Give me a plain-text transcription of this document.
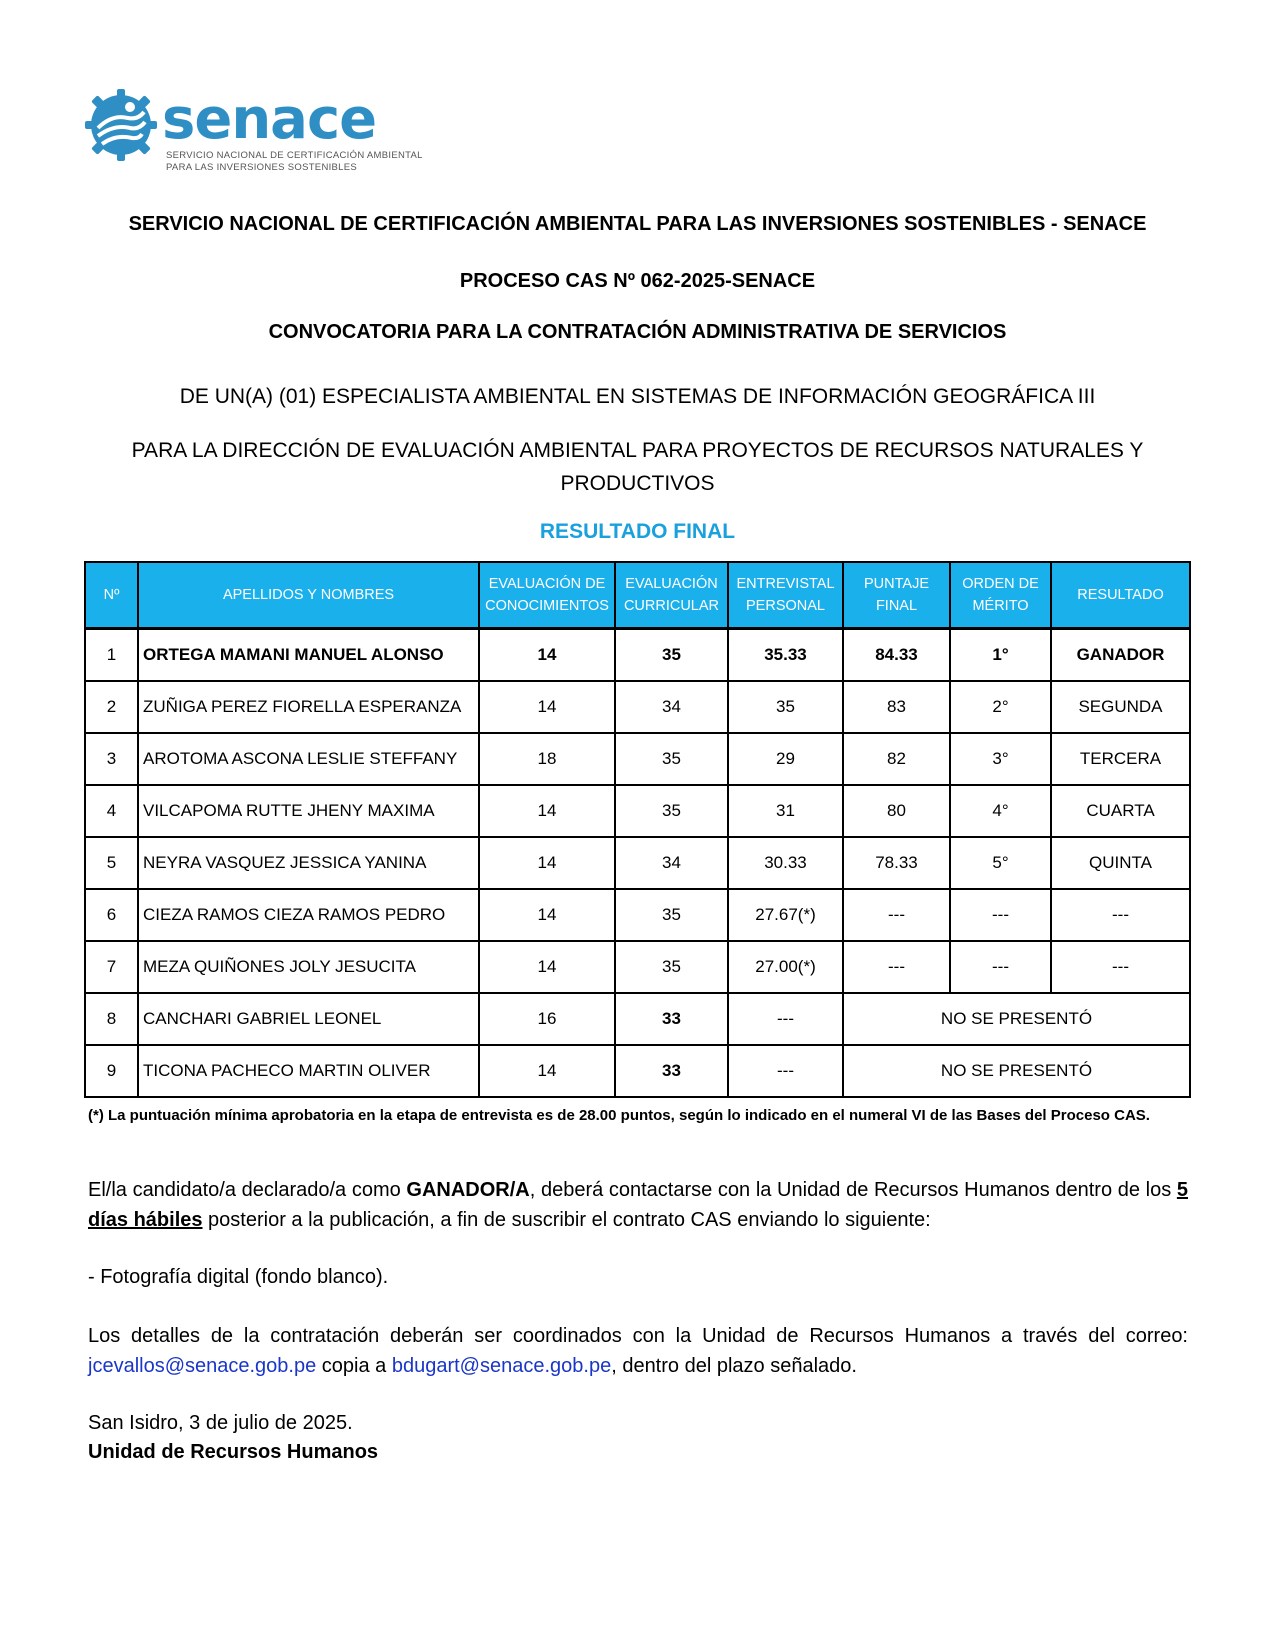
senace
SERVICIO NACIONAL DE CERTIFICACIÓN AMBIENTAL
PARA LAS INVERSIONES SOSTENIBLES
SERVICIO NACIONAL DE CERTIFICACIÓN AMBIENTAL PARA LAS INVERSIONES SOSTENIBLES - SENACE
PROCESO CAS Nº 062-2025-SENACE
CONVOCATORIA PARA LA CONTRATACIÓN ADMINISTRATIVA DE SERVICIOS
DE UN(A) (01) ESPECIALISTA AMBIENTAL EN SISTEMAS DE INFORMACIÓN GEOGRÁFICA III
PARA LA DIRECCIÓN DE EVALUACIÓN AMBIENTAL PARA PROYECTOS DE RECURSOS NATURALES Y PRODUCTIVOS
RESULTADO FINAL
Nº	APELLIDOS Y NOMBRES	EVALUACIÓN DE CONOCIMIENTOS	EVALUACIÓN CURRICULAR	ENTREVISTAL PERSONAL	PUNTAJE FINAL	ORDEN DE MÉRITO	RESULTADO
1	ORTEGA MAMANI MANUEL ALONSO	14	35	35.33	84.33	1°	GANADOR
2	ZUÑIGA PEREZ FIORELLA ESPERANZA	14	34	35	83	2°	SEGUNDA
3	AROTOMA ASCONA LESLIE STEFFANY	18	35	29	82	3°	TERCERA
4	VILCAPOMA RUTTE JHENY MAXIMA	14	35	31	80	4°	CUARTA
5	NEYRA VASQUEZ JESSICA YANINA	14	34	30.33	78.33	5°	QUINTA
6	CIEZA RAMOS CIEZA RAMOS PEDRO	14	35	27.67(*)	---	---	---
7	MEZA QUIÑONES JOLY JESUCITA	14	35	27.00(*)	---	---	---
8	CANCHARI GABRIEL LEONEL	16	33	---	NO SE PRESENTÓ		
9	TICONA PACHECO MARTIN OLIVER	14	33	---	NO SE PRESENTÓ		
(*) La puntuación mínima aprobatoria en la etapa de entrevista es de 28.00 puntos, según lo indicado en el numeral VI de las Bases del Proceso CAS.
El/la candidato/a declarado/a como GANADOR/A, deberá contactarse con la Unidad de Recursos Humanos dentro de los 5 días hábiles posterior a la publicación, a fin de suscribir el contrato CAS enviando lo siguiente:
- Fotografía digital (fondo blanco).
Los detalles de la contratación deberán ser coordinados con la Unidad de Recursos Humanos a través del correo: jcevallos@senace.gob.pe copia a bdugart@senace.gob.pe, dentro del plazo señalado.
San Isidro, 3 de julio de 2025.
Unidad de Recursos Humanos
